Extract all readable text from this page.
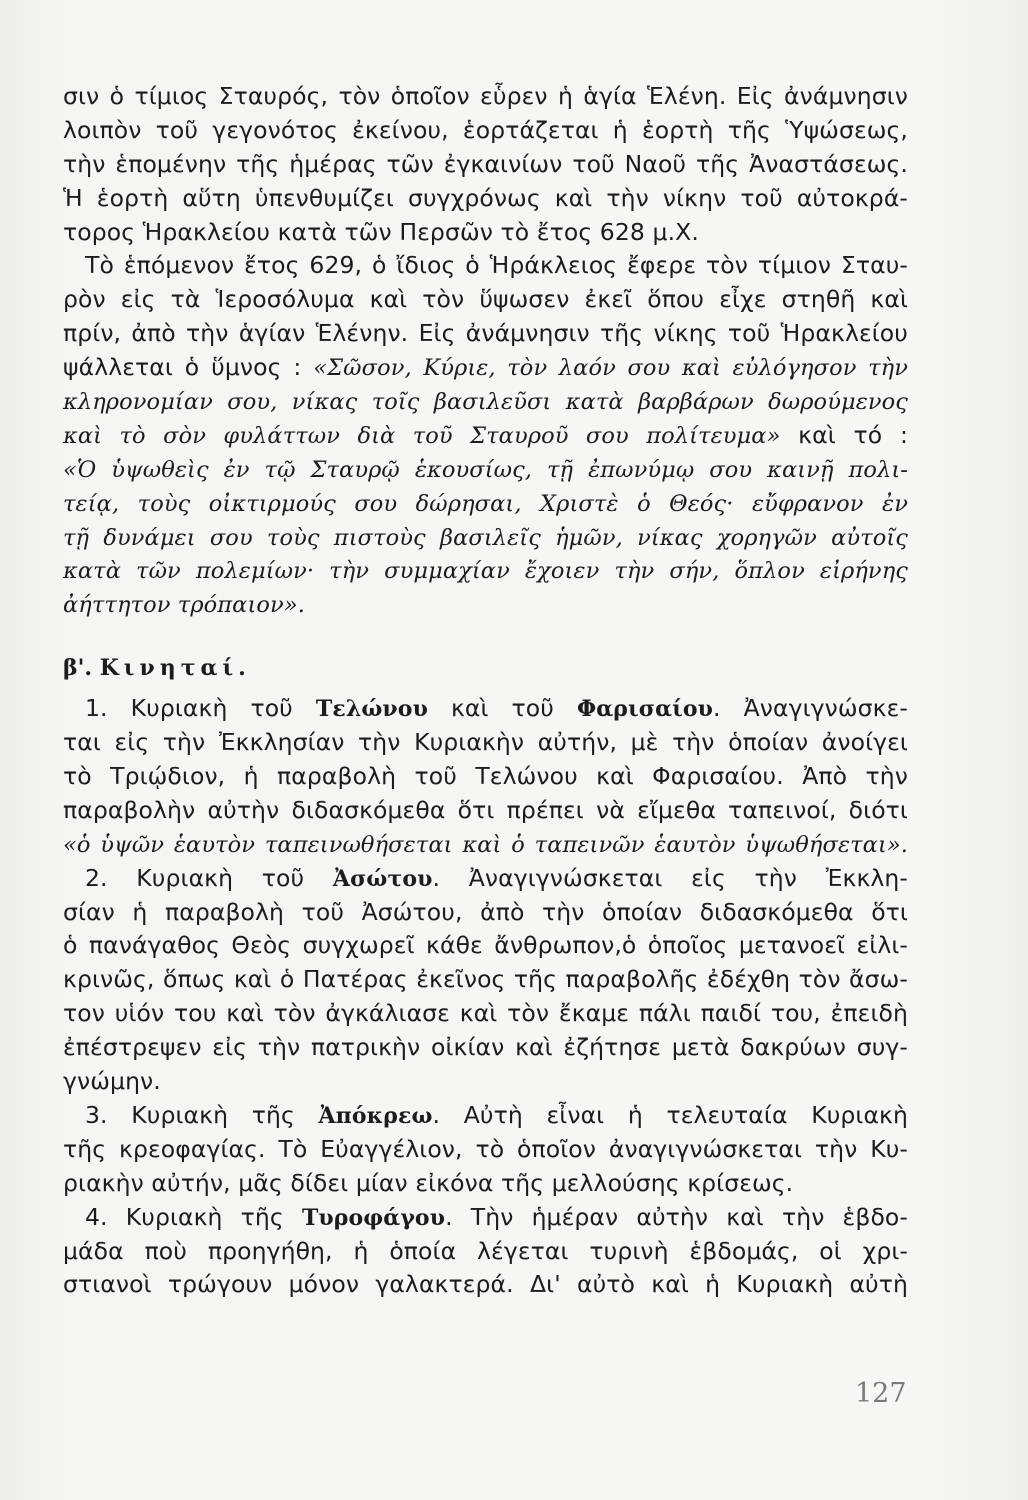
σιν ὁ τίμιος Σταυρός, τὸν ὁποῖον εὗρεν ἡ ἁγία Ἑλένη. Εἰς ἀνάμνησιν
λοιπὸν τοῦ γεγονότος ἐκείνου, ἑορτάζεται ἡ ἑορτὴ τῆς Ὑψώσεως,
τὴν ἑπομένην τῆς ἡμέρας τῶν ἐγκαινίων τοῦ Ναοῦ τῆς Ἀναστάσεως.
Ἡ ἑορτὴ αὕτη ὑπενθυμίζει συγχρόνως καὶ τὴν νίκην τοῦ αὐτοκρά-
τορος Ἡρακλείου κατὰ τῶν Περσῶν τὸ ἔτος 628 μ.Χ.
Τὸ ἑπόμενον ἔτος 629, ὁ ἴδιος ὁ Ἡράκλειος ἔφερε τὸν τίμιον Σταυ-
ρὸν εἰς τὰ Ἱεροσόλυμα καὶ τὸν ὕψωσεν ἐκεῖ ὅπου εἶχε στηθῆ καὶ
πρίν, ἀπὸ τὴν ἁγίαν Ἑλένην. Εἰς ἀνάμνησιν τῆς νίκης τοῦ Ἡρακλείου
ψάλλεται ὁ ὕμνος : «Σῶσον, Κύριε, τὸν λαόν σου καὶ εὐλόγησον τὴν
κληρονομίαν σου, νίκας τοῖς βασιλεῦσι κατὰ βαρβάρων δωρούμενος
καὶ τὸ σὸν φυλάττων διὰ τοῦ Σταυροῦ σου πολίτευμα» καὶ τό :
«Ὁ ὑψωθεὶς ἐν τῷ Σταυρῷ ἑκουσίως, τῇ ἐπωνύμῳ σου καινῇ πολι-
τείᾳ, τοὺς οἰκτιρμούς σου δώρησαι, Χριστὲ ὁ Θεός· εὔφρανον ἐν
τῇ δυνάμει σου τοὺς πιστοὺς βασιλεῖς ἡμῶν, νίκας χορηγῶν αὐτοῖς
κατὰ τῶν πολεμίων· τὴν συμμαχίαν ἔχοιεν τὴν σήν, ὅπλον εἰρήνης
ἀήττητον τρόπαιον».
β'. Κινηταί.
1. Κυριακὴ τοῦ Τελώνου καὶ τοῦ Φαρισαίου. Ἀναγιγνώσκε-
ται εἰς τὴν Ἐκκλησίαν τὴν Κυριακὴν αὐτήν, μὲ τὴν ὁποίαν ἀνοίγει
τὸ Τριῴδιον, ἡ παραβολὴ τοῦ Τελώνου καὶ Φαρισαίου. Ἀπὸ τὴν
παραβολὴν αὐτὴν διδασκόμεθα ὅτι πρέπει νὰ εἴμεθα ταπεινοί, διότι
«ὁ ὑψῶν ἑαυτὸν ταπεινωθήσεται καὶ ὁ ταπεινῶν ἑαυτὸν ὑψωθήσεται».
2. Κυριακὴ τοῦ Ἀσώτου. Ἀναγιγνώσκεται εἰς τὴν Ἐκκλη-
σίαν ἡ παραβολὴ τοῦ Ἀσώτου, ἀπὸ τὴν ὁποίαν διδασκόμεθα ὅτι
ὁ πανάγαθος Θεὸς συγχωρεῖ κάθε ἄνθρωπον,ὁ ὁποῖος μετανοεῖ εἰλι-
κρινῶς, ὅπως καὶ ὁ Πατέρας ἐκεῖνος τῆς παραβολῆς ἐδέχθη τὸν ἄσω-
τον υἱόν του καὶ τὸν ἀγκάλιασε καὶ τὸν ἔκαμε πάλι παιδί του, ἐπειδὴ
ἐπέστρεψεν εἰς τὴν πατρικὴν οἰκίαν καὶ ἐζήτησε μετὰ δακρύων συγ-
γνώμην.
3. Κυριακὴ τῆς Ἀπόκρεω. Αὐτὴ εἶναι ἡ τελευταία Κυριακὴ
τῆς κρεοφαγίας. Τὸ Εὐαγγέλιον, τὸ ὁποῖον ἀναγιγνώσκεται τὴν Κυ-
ριακὴν αὐτήν, μᾶς δίδει μίαν εἰκόνα τῆς μελλούσης κρίσεως.
4. Κυριακὴ τῆς Τυροφάγου. Τὴν ἡμέραν αὐτὴν καὶ τὴν ἑβδο-
μάδα ποὺ προηγήθη, ἡ ὁποία λέγεται τυρινὴ ἑβδομάς, οἱ χρι-
στιανοὶ τρώγουν μόνον γαλακτερά. Δι' αὐτὸ καὶ ἡ Κυριακὴ αὐτὴ
127
